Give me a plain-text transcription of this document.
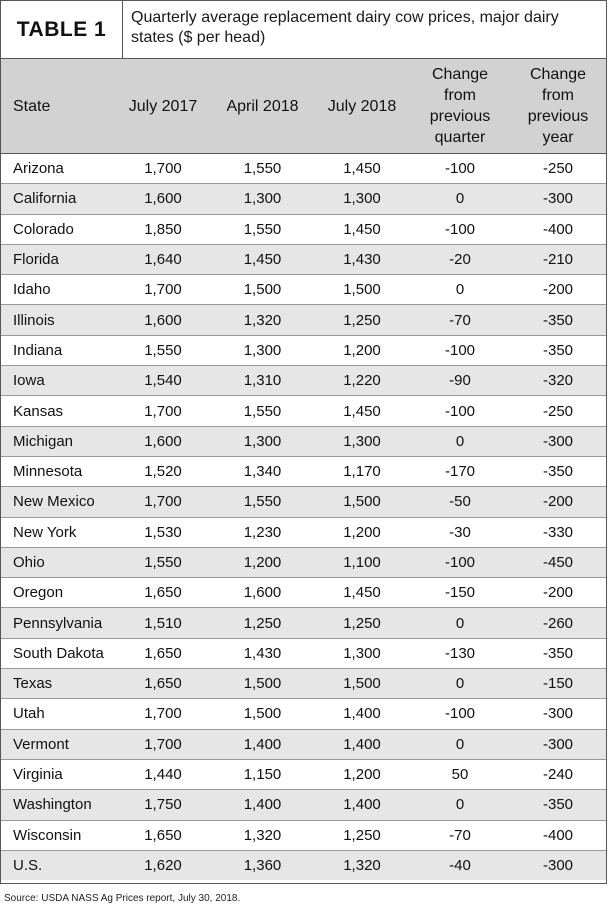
TABLE 1	Quarterly average replacement dairy cow prices, major dairy states ($ per head)
State	July 2017	April 2018	July 2018	Change from previous quarter	Change from previous year
Arizona	1,700	1,550	1,450	-100	-250
California	1,600	1,300	1,300	0	-300
Colorado	1,850	1,550	1,450	-100	-400
Florida	1,640	1,450	1,430	-20	-210
Idaho	1,700	1,500	1,500	0	-200
Illinois	1,600	1,320	1,250	-70	-350
Indiana	1,550	1,300	1,200	-100	-350
Iowa	1,540	1,310	1,220	-90	-320
Kansas	1,700	1,550	1,450	-100	-250
Michigan	1,600	1,300	1,300	0	-300
Minnesota	1,520	1,340	1,170	-170	-350
New Mexico	1,700	1,550	1,500	-50	-200
New York	1,530	1,230	1,200	-30	-330
Ohio	1,550	1,200	1,100	-100	-450
Oregon	1,650	1,600	1,450	-150	-200
Pennsylvania	1,510	1,250	1,250	0	-260
South Dakota	1,650	1,430	1,300	-130	-350
Texas	1,650	1,500	1,500	0	-150
Utah	1,700	1,500	1,400	-100	-300
Vermont	1,700	1,400	1,400	0	-300
Virginia	1,440	1,150	1,200	50	-240
Washington	1,750	1,400	1,400	0	-350
Wisconsin	1,650	1,320	1,250	-70	-400
U.S.	1,620	1,360	1,320	-40	-300
Source: USDA NASS Ag Prices report, July 30, 2018.
